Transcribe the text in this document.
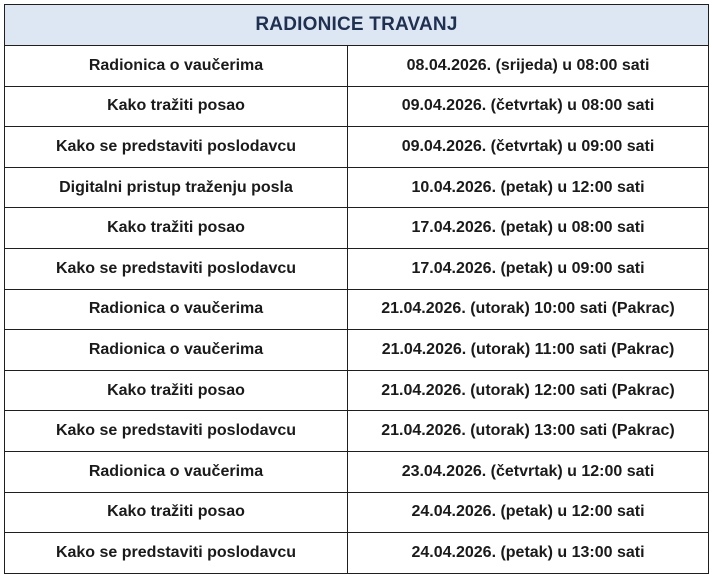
RADIONICE TRAVANJ	
Radionica o vaučerima	08.04.2026. (srijeda) u 08:00 sati
Kako tražiti posao	09.04.2026. (četvrtak) u 08:00 sati
Kako se predstaviti poslodavcu	09.04.2026. (četvrtak) u 09:00 sati
Digitalni pristup traženju posla	10.04.2026. (petak) u 12:00 sati
Kako tražiti posao	17.04.2026. (petak) u 08:00 sati
Kako se predstaviti poslodavcu	17.04.2026. (petak) u 09:00 sati
Radionica o vaučerima	21.04.2026. (utorak) 10:00 sati (Pakrac)
Radionica o vaučerima	21.04.2026. (utorak) 11:00 sati (Pakrac)
Kako tražiti posao	21.04.2026. (utorak) 12:00 sati (Pakrac)
Kako se predstaviti poslodavcu	21.04.2026. (utorak) 13:00 sati (Pakrac)
Radionica o vaučerima	23.04.2026. (četvrtak) u 12:00 sati
Kako tražiti posao	24.04.2026. (petak) u 12:00 sati
Kako se predstaviti poslodavcu	24.04.2026. (petak) u 13:00 sati
